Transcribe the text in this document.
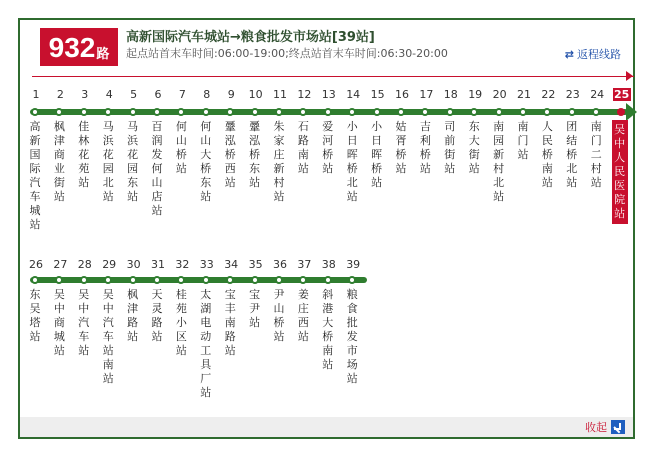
932 路
高新国际汽车城站→粮食批发市场站[39站]
起点站首末车时间:06:00-19:00;终点站首末车时间:06:30-20:00	⇄ 返程线路
1
高新国际汽车城站
2
枫津商业街站
3
佳林花苑站
4
马浜花园北站
5
马浜花园东站
6
百润发何山店站
7
何山桥站
8
何山大桥东站
9
鞷泓桥西站
10
鞷泓桥东站
11
朱家庄新村站
12
石路南站
13
爱河桥站
14
小日晖桥北站
15
小日晖桥站
16
姑胥桥站
17
吉利桥站
18
司前街站
19
东大街站
20
南园新村北站
21
南门站
22
人民桥南站
23
团结桥北站
24
南门二村站
25
吴中人民医院站
26
东吴塔站
27
吴中商城站
28
吴中汽车站
29
吴中汽车站南站
30
枫津路站
31
天灵路站
32
桂苑小区站
33
太湖电动工具厂站
34
宝丰南路站
35
宝尹站
36
尹山桥站
37
姜庄西站
38
斜港大桥南站
39
粮食批发市场站
收起
